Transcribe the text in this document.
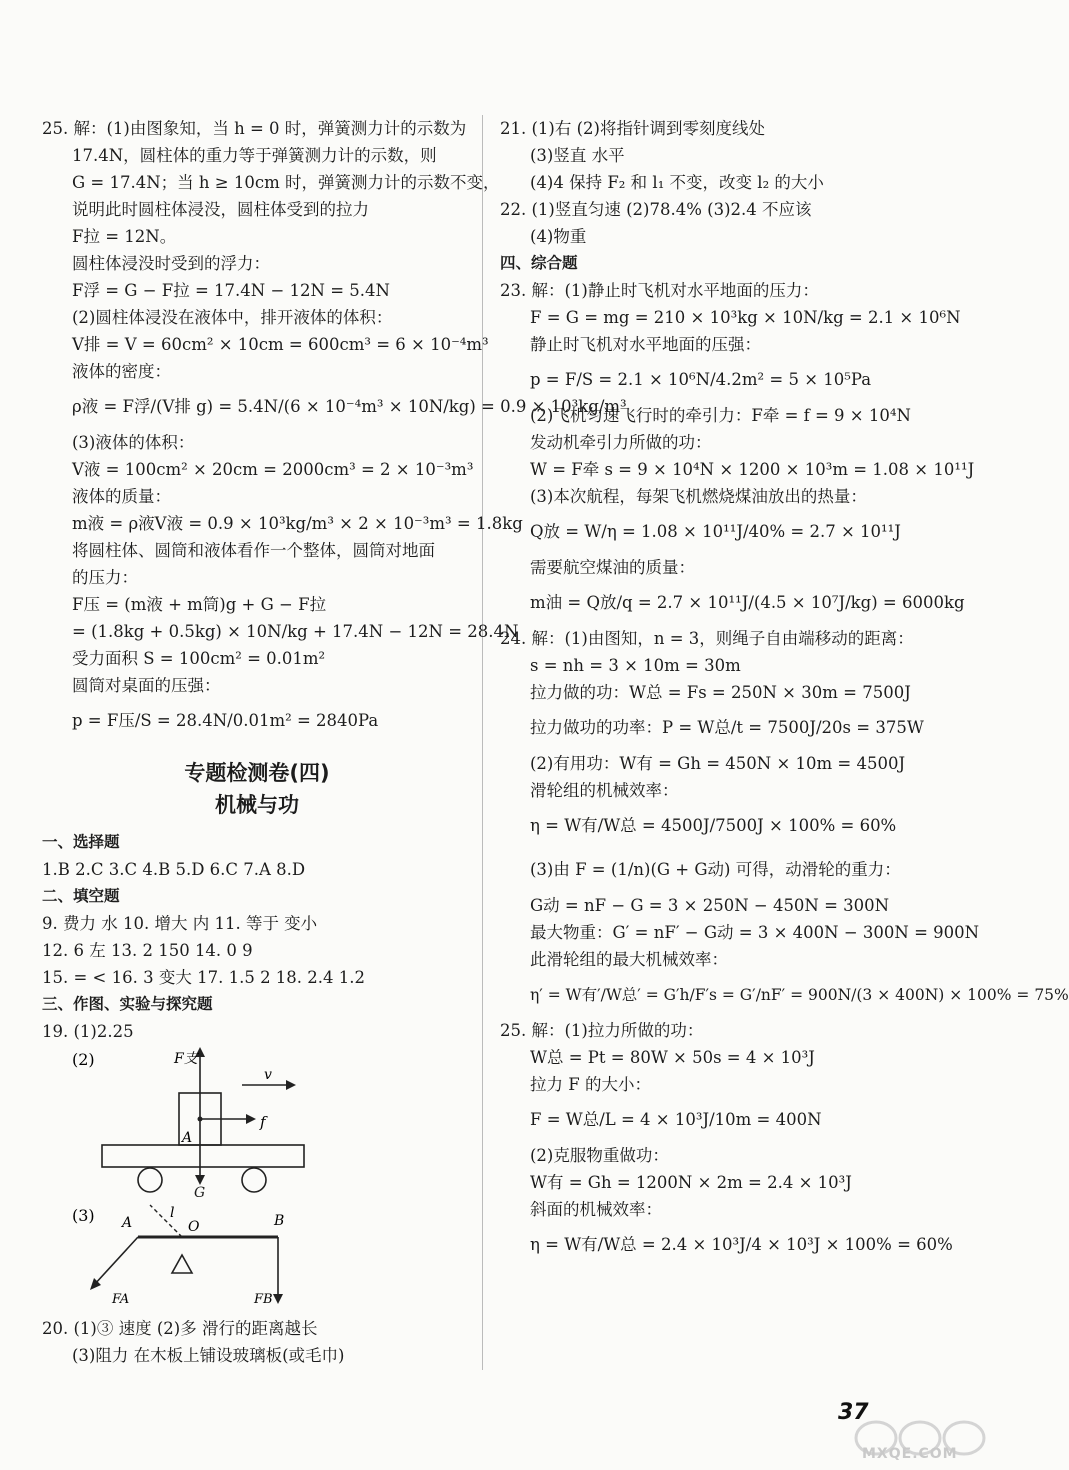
25. 解：(1)由图象知，当 h = 0 时，弹簧测力计的示数为
17.4N，圆柱体的重力等于弹簧测力计的示数，则
G = 17.4N；当 h ≥ 10cm 时，弹簧测力计的示数不变，
说明此时圆柱体浸没，圆柱体受到的拉力
F拉 = 12N。
圆柱体浸没时受到的浮力：
F浮 = G − F拉 = 17.4N − 12N = 5.4N
(2)圆柱体浸没在液体中，排开液体的体积：
V排 = V = 60cm² × 10cm = 600cm³ = 6 × 10⁻⁴m³
液体的密度：
ρ液 = F浮/(V排 g) = 5.4N/(6 × 10⁻⁴m³ × 10N/kg) = 0.9 × 10³kg/m³
(3)液体的体积：
V液 = 100cm² × 20cm = 2000cm³ = 2 × 10⁻³m³
液体的质量：
m液 = ρ液V液 = 0.9 × 10³kg/m³ × 2 × 10⁻³m³ = 1.8kg
将圆柱体、圆筒和液体看作一个整体，圆筒对地面
的压力：
F压 = (m液 + m筒)g + G − F拉
= (1.8kg + 0.5kg) × 10N/kg + 17.4N − 12N = 28.4N
受力面积 S = 100cm² = 0.01m²
圆筒对桌面的压强：
p = F压/S = 28.4N/0.01m² = 2840Pa
专题检测卷(四)
机械与功
一、选择题
1.B 2.C 3.C 4.B 5.D 6.C 7.A 8.D
二、填空题
9. 费力 水 10. 增大 内 11. 等于 变小
12. 6 左 13. 2 150 14. 0 9
15. = < 16. 3 变大 17. 1.5 2 18. 2.4 1.2
三、作图、实验与探究题
19. (1)2.25
(2)	F支
v
A
f
G
(3) A
l
O	B
FA	FB
20. (1)③ 速度 (2)多 滑行的距离越长
(3)阻力 在木板上铺设玻璃板(或毛巾)
21. (1)右 (2)将指针调到零刻度线处
(3)竖直 水平
(4)4 保持 F₂ 和 l₁ 不变，改变 l₂ 的大小
22. (1)竖直匀速 (2)78.4% (3)2.4 不应该
(4)物重
四、综合题
23. 解：(1)静止时飞机对水平地面的压力：
F = G = mg = 210 × 10³kg × 10N/kg = 2.1 × 10⁶N
静止时飞机对水平地面的压强：
p = F/S = 2.1 × 10⁶N/4.2m² = 5 × 10⁵Pa
(2)飞机匀速飞行时的牵引力：F牵 = f = 9 × 10⁴N
发动机牵引力所做的功：
W = F牵 s = 9 × 10⁴N × 1200 × 10³m = 1.08 × 10¹¹J
(3)本次航程，每架飞机燃烧煤油放出的热量：
Q放 = W/η = 1.08 × 10¹¹J/40% = 2.7 × 10¹¹J
需要航空煤油的质量：
m油 = Q放/q = 2.7 × 10¹¹J/(4.5 × 10⁷J/kg) = 6000kg
24. 解：(1)由图知，n = 3，则绳子自由端移动的距离：
s = nh = 3 × 10m = 30m
拉力做的功：W总 = Fs = 250N × 30m = 7500J
拉力做功的功率：P = W总/t = 7500J/20s = 375W
(2)有用功：W有 = Gh = 450N × 10m = 4500J
滑轮组的机械效率：
η = W有/W总 = 4500J/7500J × 100% = 60%
(3)由 F = (1/n)(G + G动) 可得，动滑轮的重力：
G动 = nF − G = 3 × 250N − 450N = 300N
最大物重：G′ = nF′ − G动 = 3 × 400N − 300N = 900N
此滑轮组的最大机械效率：
η′ = W有′/W总′ = G′h/F′s = G′/nF′ = 900N/(3 × 400N) × 100% = 75%
25. 解：(1)拉力所做的功：
W总 = Pt = 80W × 50s = 4 × 10³J
拉力 F 的大小：
F = W总/L = 4 × 10³J/10m = 400N
(2)克服物重做功：
W有 = Gh = 1200N × 2m = 2.4 × 10³J
斜面的机械效率：
η = W有/W总 = 2.4 × 10³J/4 × 10³J × 100% = 60%
37
MXQE.COM
